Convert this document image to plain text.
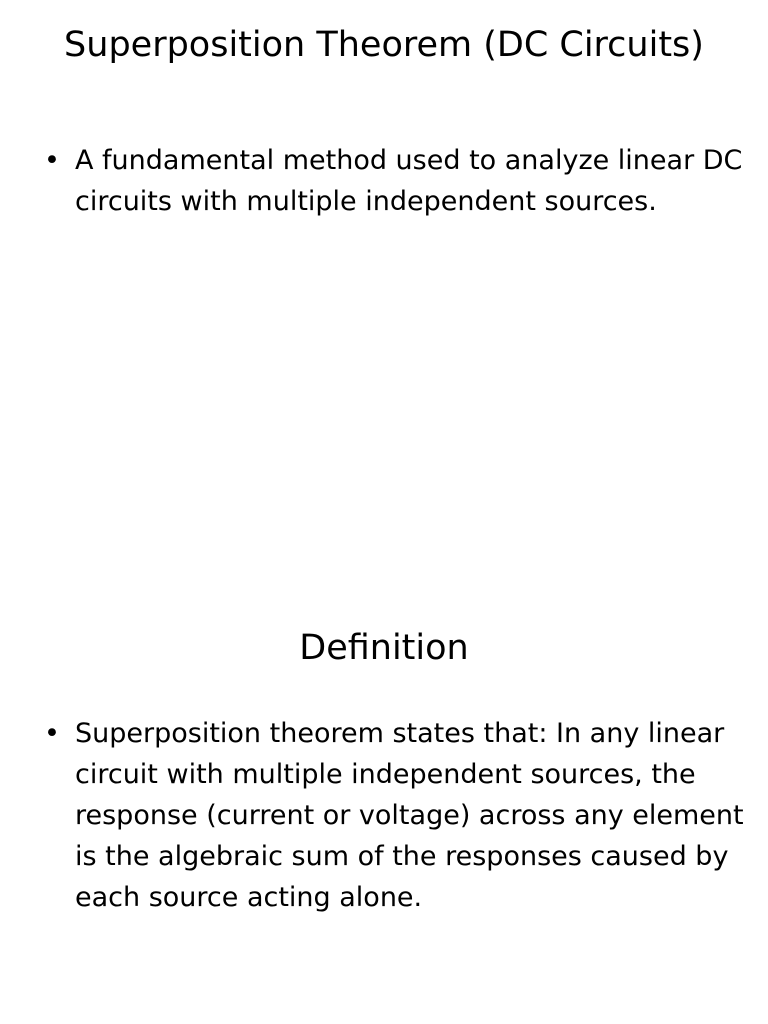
Superposition Theorem (DC Circuits)
• A fundamental method used to analyze linear DC circuits with multiple independent sources.
Definition
• Superposition theorem states that: In any linear circuit with multiple independent sources, the response (current or voltage) across any element is the algebraic sum of the responses caused by each source acting alone.
